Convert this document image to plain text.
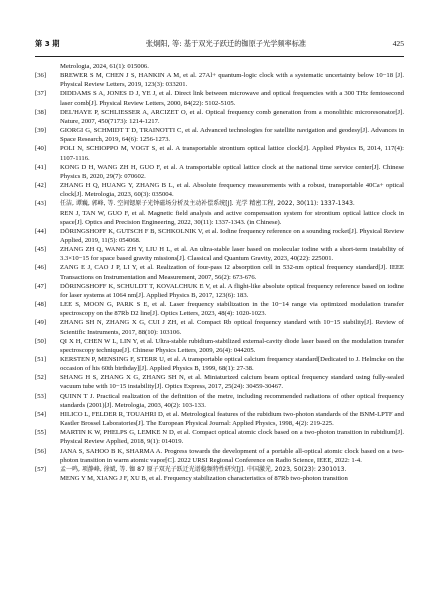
第 3 期	张炯阳, 等: 基于双光子跃迁的铷原子光学频率标准	425
Metrologia, 2024, 61(1): 015006.
[36]	BREWER S M, CHEN J S, HANKIN A M, et al. 27Al+ quantum-logic clock with a systematic uncertainty below 10−18 [J]. Physical Review Letters, 2019, 123(3): 033201.
[37]	DIDDAMS S A, JONES D J, YE J, et al. Direct link between microwave and optical frequencies with a 300 THz femtosecond laser comb[J]. Physical Review Letters, 2000, 84(22): 5102-5105.
[38]	DEL'HAYE P, SCHLIESSER A, ARCIZET O, et al. Optical frequency comb generation from a monolithic microresonator[J]. Nature, 2007, 450(7173): 1214-1217.
[39]	GIORGI G, SCHMIDT T D, TRAINOTTI C, et al. Advanced technologies for satellite navigation and geodesy[J]. Advances in Space Research, 2019, 64(6): 1256-1273.
[40]	POLI N, SCHIOPPO M, VOGT S, et al. A transportable strontium optical lattice clock[J]. Applied Physics B, 2014, 117(4): 1107-1116.
[41]	KONG D H, WANG ZH H, GUO F, et al. A transportable optical lattice clock at the national time service center[J]. Chinese Physics B, 2020, 29(7): 070602.
[42]	ZHANG H Q, HUANG Y, ZHANG B L, et al. Absolute frequency measurements with a robust, transportable 40Ca+ optical clock[J]. Metrologia, 2023, 60(3): 035004.
[43]	任洁, 谭巍, 郭峰, 等. 空间锶原子光钟磁场分析及主动补偿系统[J]. 光学 精密工程, 2022, 30(11): 1337-1343.
REN J, TAN W, GUO F, et al. Magnetic field analysis and active compensation system for strontium optical lattice clock in space[J]. Optics and Precision Engineering, 2022, 30(11): 1337-1343. (in Chinese).
[44]	DÖRINGSHOFF K, GUTSCH F B, SCHKOLNIK V, et al. Iodine frequency reference on a sounding rocket[J]. Physical Review Applied, 2019, 11(5): 054068.
[45]	ZHANG ZH Q, WANG ZH Y, LIU H L, et al. An ultra-stable laser based on molecular iodine with a short-term instability of 3.3×10−15 for space based gravity missions[J]. Classical and Quantum Gravity, 2023, 40(22): 225001.
[46]	ZANG E J, CAO J P, LI Y, et al. Realization of four-pass I2 absorption cell in 532-nm optical frequency standard[J]. IEEE Transactions on Instrumentation and Measurement, 2007, 56(2): 673-676.
[47]	DÖRINGSHOFF K, SCHULDT T, KOVALCHUK E V, et al. A flight-like absolute optical frequency reference based on iodine for laser systems at 1064 nm[J]. Applied Physics B, 2017, 123(6): 183.
[48]	LEE S, MOON G, PARK S E, et al. Laser frequency stabilization in the 10−14 range via optimized modulation transfer spectroscopy on the 87Rb D2 line[J]. Optics Letters, 2023, 48(4): 1020-1023.
[49]	ZHANG SH N, ZHANG X G, CUI J ZH, et al. Compact Rb optical frequency standard with 10−15 stability[J]. Review of Scientific Instruments, 2017, 88(10): 103106.
[50]	QI X H, CHEN W L, LIN Y, et al. Ultra-stable rubidium-stabilized external-cavity diode laser based on the modulation transfer spectroscopy technique[J]. Chinese Physics Letters, 2009, 26(4): 044205.
[51]	KERSTEN P, MENSING F, STERR U, et al. A transportable optical calcium frequency standard[Dedicated to J. Helmcke on the occasion of his 60th birthday][J]. Applied Physics B, 1999, 68(1): 27-38.
[52]	SHANG H S, ZHANG X G, ZHANG SH N, et al. Miniaturized calcium beam optical frequency standard using fully-sealed vacuum tube with 10−15 instability[J]. Optics Express, 2017, 25(24): 30459-30467.
[53]	QUINN T J. Practical realization of the definition of the metre, including recommended radiations of other optical frequency standards (2001)[J]. Metrologia, 2003, 40(2): 103-133.
[54]	HILICO L, FELDER R, TOUAHRI D, et al. Metrological features of the rubidium two-photon standards of the BNM-LPTF and Kastler Brossel Laboratories[J]. The European Physical Journal: Applied Physics, 1998, 4(2): 219-225.
[55]	MARTIN K W, PHELPS G, LEMKE N D, et al. Compact optical atomic clock based on a two-photon transition in rubidium[J]. Physical Review Applied, 2018, 9(1): 014019.
[56]	JANA S, SAHOO B K, SHARMA A. Progress towards the development of a portable all-optical atomic clock based on a two-photon transition in warm atomic vapor[C]. 2022 URSI Regional Conference on Radio Science, IEEE, 2022: 1-4.
[57]	孟一鸣, 项静峰, 徐斌, 等. 铷 87 原子双光子跃迁光谱稳频特性研究[J]. 中国激光, 2023, 50(23): 2301013.
MENG Y M, XIANG J F, XU B, et al. Frequency stabilization characteristics of 87Rb two-photon transition
